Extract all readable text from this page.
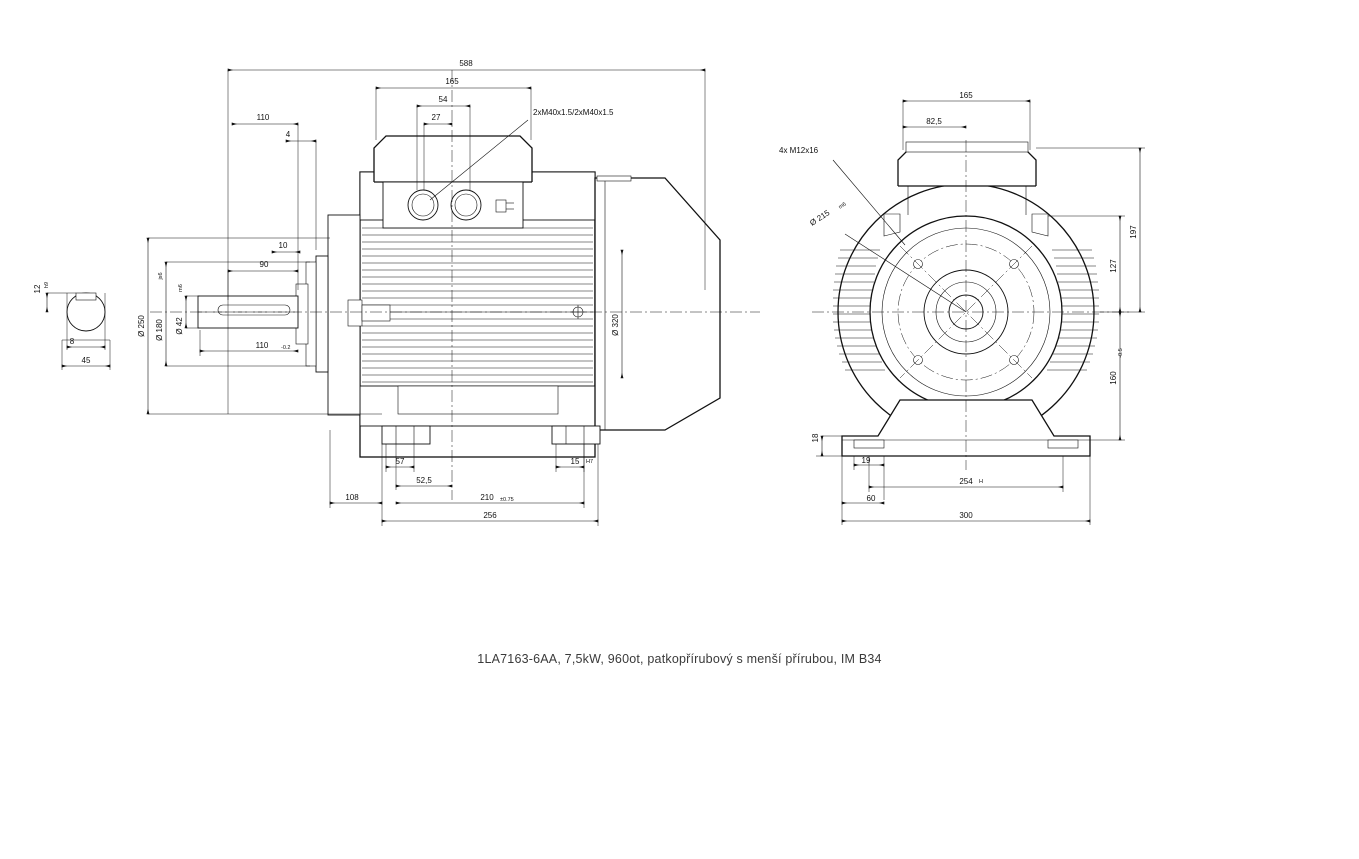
588
165
54
27
110
4
10
90
110 -0.2
Ø 250 Ø 180
js6
Ø 42
m6
Ø 320
12 h9
8
45
57
52,5
108	210 ±0.75
256
15 H7
2xM40x1.5/2xM40x1.5
165
82,5
197
127
160
-0.5
18
19
60
254 H
300
4x M12x16
Ø 215
m6
1LA7163-6AA, 7,5kW, 960ot, patkopřírubový s menší přírubou, IM B34
